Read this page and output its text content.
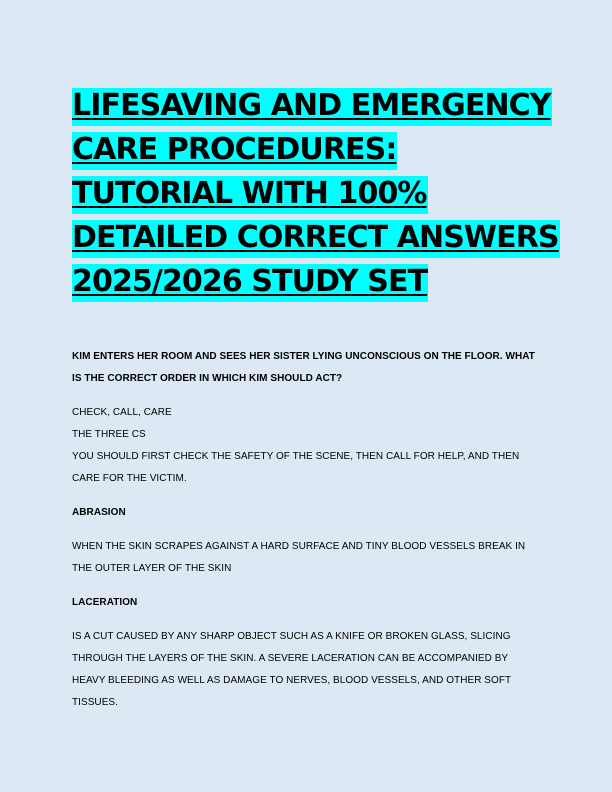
LIFESAVING AND EMERGENCY
CARE PROCEDURES:
TUTORIAL WITH 100%
DETAILED CORRECT ANSWERS
2025/2026 STUDY SET

KIM ENTERS HER ROOM AND SEES HER SISTER LYING UNCONSCIOUS ON THE FLOOR. WHAT IS THE CORRECT ORDER IN WHICH KIM SHOULD ACT?

CHECK, CALL, CARE

THE THREE CS

YOU SHOULD FIRST CHECK THE SAFETY OF THE SCENE, THEN CALL FOR HELP, AND THEN CARE FOR THE VICTIM.

ABRASION

WHEN THE SKIN SCRAPES AGAINST A HARD SURFACE AND TINY BLOOD VESSELS BREAK IN THE OUTER LAYER OF THE SKIN

LACERATION

IS A CUT CAUSED BY ANY SHARP OBJECT SUCH AS A KNIFE OR BROKEN GLASS, SLICING THROUGH THE LAYERS OF THE SKIN. A SEVERE LACERATION CAN BE ACCOMPANIED BY HEAVY BLEEDING AS WELL AS DAMAGE TO NERVES, BLOOD VESSELS, AND OTHER SOFT TISSUES.
